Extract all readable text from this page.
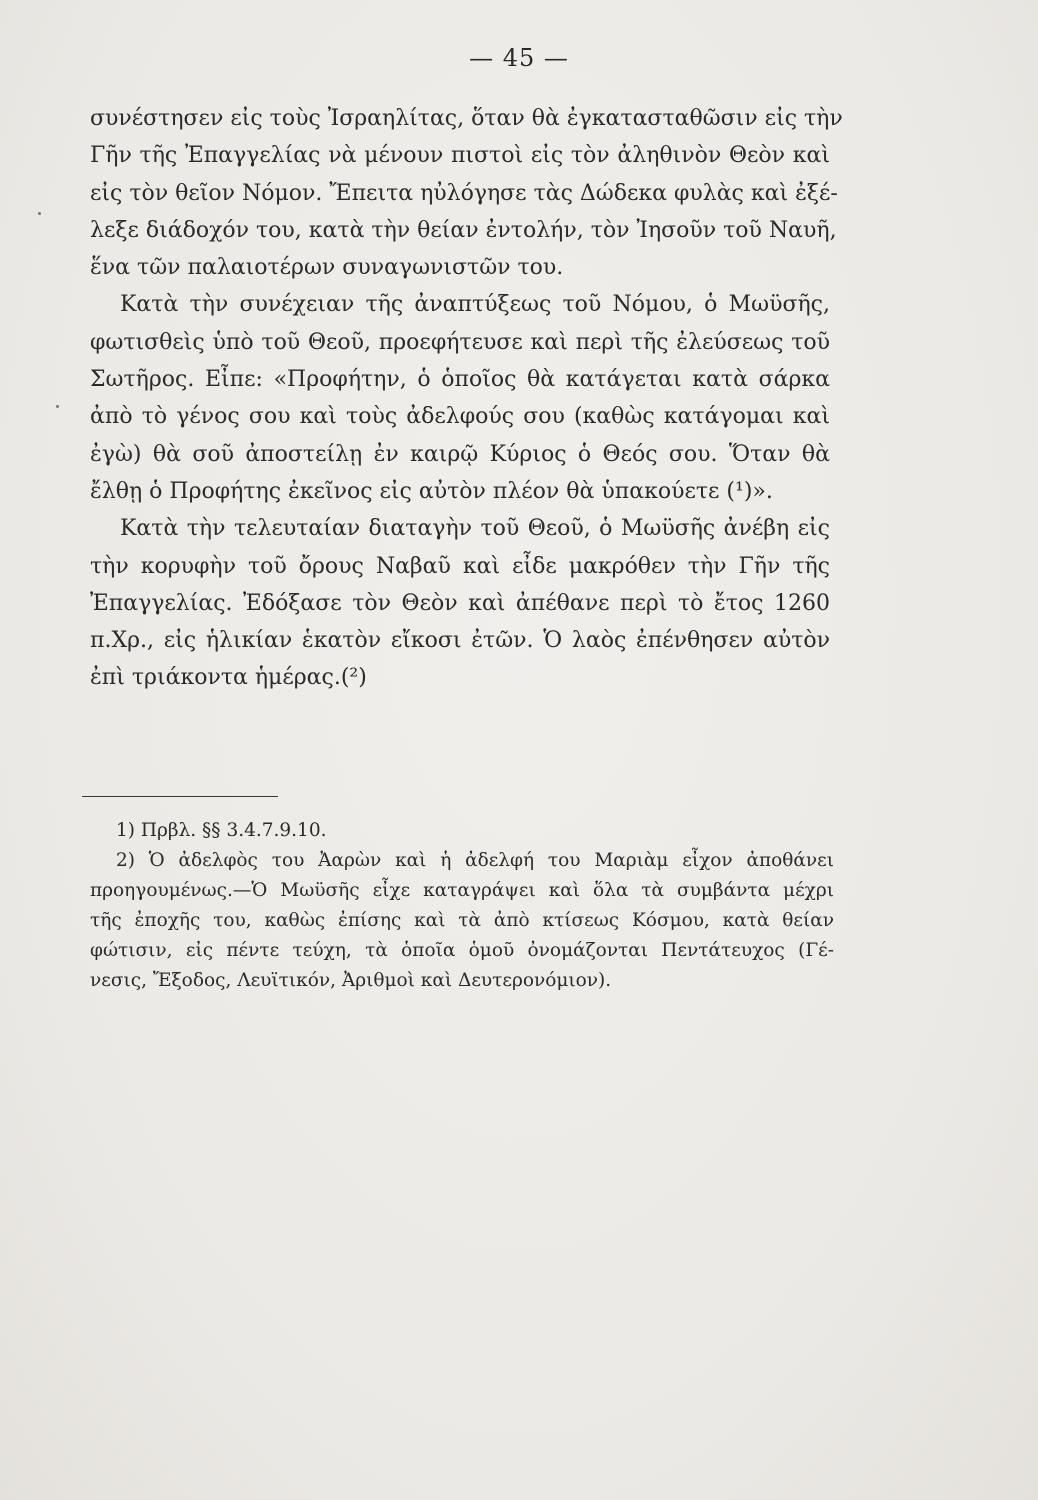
— 45 —
συνέστησεν εἰς τοὺς Ἰσραηλίτας, ὅταν θὰ ἐγκατασταθῶσιν εἰς τὴν
Γῆν τῆς Ἐπαγγελίας νὰ μένουν πιστοὶ εἰς τὸν ἀληθινὸν Θεὸν καὶ
εἰς τὸν θεῖον Νόμον. Ἔπειτα ηὐλόγησε τὰς Δώδεκα φυλὰς καὶ ἐξέ-
λεξε διάδοχόν του, κατὰ τὴν θείαν ἐντολήν, τὸν Ἰησοῦν τοῦ Ναυῆ,
ἕνα τῶν παλαιοτέρων συναγωνιστῶν του.
Κατὰ τὴν συνέχειαν τῆς ἀναπτύξεως τοῦ Νόμου, ὁ Μωϋσῆς,
φωτισθεὶς ὑπὸ τοῦ Θεοῦ, προεφήτευσε καὶ περὶ τῆς ἐλεύσεως τοῦ
Σωτῆρος. Εἶπε: «Προφήτην, ὁ ὁποῖος θὰ κατάγεται κατὰ σάρκα
ἀπὸ τὸ γένος σου καὶ τοὺς ἀδελφούς σου (καθὼς κατάγομαι καὶ
ἐγὼ) θὰ σοῦ ἀποστείλῃ ἐν καιρῷ Κύριος ὁ Θεός σου. Ὅταν θὰ
ἔλθῃ ὁ Προφήτης ἐκεῖνος εἰς αὐτὸν πλέον θὰ ὑπακούετε (¹)».
Κατὰ τὴν τελευταίαν διαταγὴν τοῦ Θεοῦ, ὁ Μωϋσῆς ἀνέβη εἰς
τὴν κορυφὴν τοῦ ὄρους Ναβαῦ καὶ εἶδε μακρόθεν τὴν Γῆν τῆς
Ἐπαγγελίας. Ἐδόξασε τὸν Θεὸν καὶ ἀπέθανε περὶ τὸ ἔτος 1260
π.Χρ., εἰς ἡλικίαν ἑκατὸν εἴκοσι ἐτῶν. Ὁ λαὸς ἐπένθησεν αὐτὸν
ἐπὶ τριάκοντα ἡμέρας.(²)
1) Πρβλ. §§ 3.4.7.9.10.
2) Ὁ ἀδελφὸς του Ἀαρὼν καὶ ἡ ἀδελφή του Μαριὰμ εἶχον ἀποθάνει
προηγουμένως.—Ὁ Μωϋσῆς εἶχε καταγράψει καὶ ὅλα τὰ συμβάντα μέχρι
τῆς ἐποχῆς του, καθὼς ἐπίσης καὶ τὰ ἀπὸ κτίσεως Κόσμου, κατὰ θείαν
φώτισιν, εἰς πέντε τεύχη, τὰ ὁποῖα ὁμοῦ ὀνομάζονται Πεντάτευχος (Γέ-
νεσις, Ἔξοδος, Λευϊτικόν, Ἀριθμοὶ καὶ Δευτερονόμιον).
